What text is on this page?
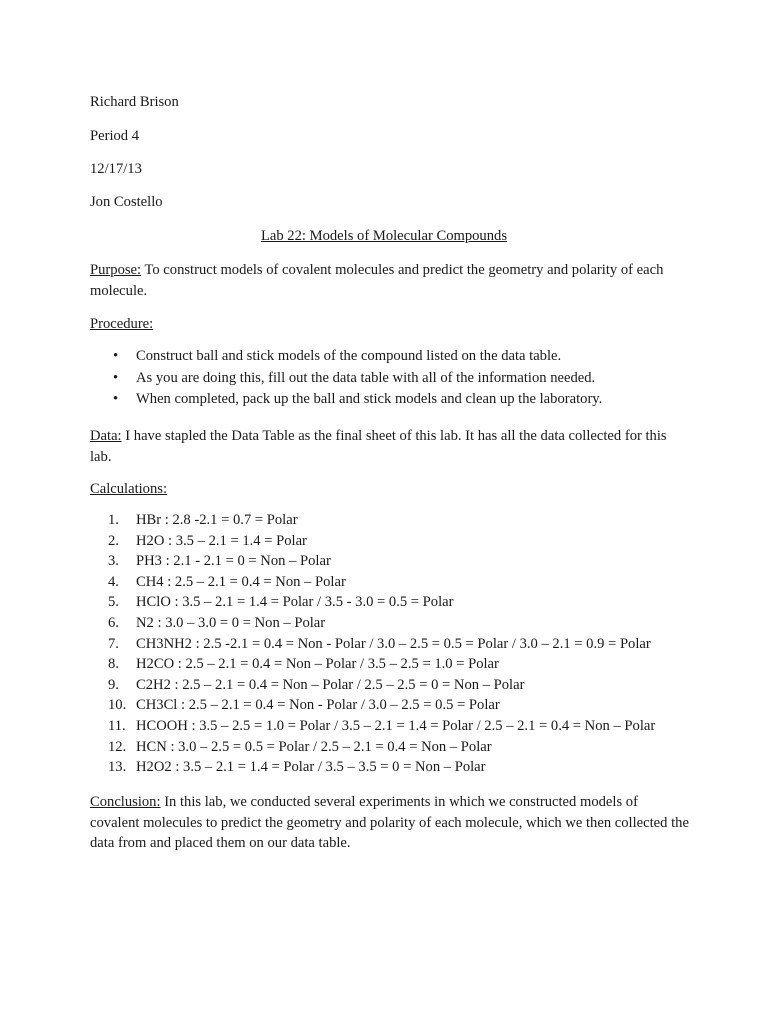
Richard Brison
Period 4
12/17/13
Jon Costello
Lab 22: Models of Molecular Compounds
Purpose: To construct models of covalent molecules and predict the geometry and polarity of each molecule.
Procedure:
• Construct ball and stick models of the compound listed on the data table.
• As you are doing this, fill out the data table with all of the information needed.
• When completed, pack up the ball and stick models and clean up the laboratory.
Data: I have stapled the Data Table as the final sheet of this lab. It has all the data collected for this lab.
Calculations:
1. HBr : 2.8 -2.1 = 0.7 = Polar
2. H2O : 3.5 – 2.1 = 1.4 = Polar
3. PH3 : 2.1 - 2.1 = 0 = Non – Polar
4. CH4 : 2.5 – 2.1 = 0.4 = Non – Polar
5. HClO : 3.5 – 2.1 = 1.4 = Polar / 3.5 - 3.0 = 0.5 = Polar
6. N2 : 3.0 – 3.0 = 0 = Non – Polar
7. CH3NH2 : 2.5 -2.1 = 0.4 = Non - Polar / 3.0 – 2.5 = 0.5 = Polar / 3.0 – 2.1 = 0.9 = Polar
8. H2CO : 2.5 – 2.1 = 0.4 = Non – Polar / 3.5 – 2.5 = 1.0 = Polar
9. C2H2 : 2.5 – 2.1 = 0.4 = Non – Polar / 2.5 – 2.5 = 0 = Non – Polar
10. CH3Cl : 2.5 – 2.1 = 0.4 = Non - Polar / 3.0 – 2.5 = 0.5 = Polar
11. HCOOH : 3.5 – 2.5 = 1.0 = Polar / 3.5 – 2.1 = 1.4 = Polar / 2.5 – 2.1 = 0.4 = Non – Polar
12. HCN : 3.0 – 2.5 = 0.5 = Polar / 2.5 – 2.1 = 0.4 = Non – Polar
13. H2O2 : 3.5 – 2.1 = 1.4 = Polar / 3.5 – 3.5 = 0 = Non – Polar
Conclusion: In this lab, we conducted several experiments in which we constructed models of covalent molecules to predict the geometry and polarity of each molecule, which we then collected the data from and placed them on our data table.
